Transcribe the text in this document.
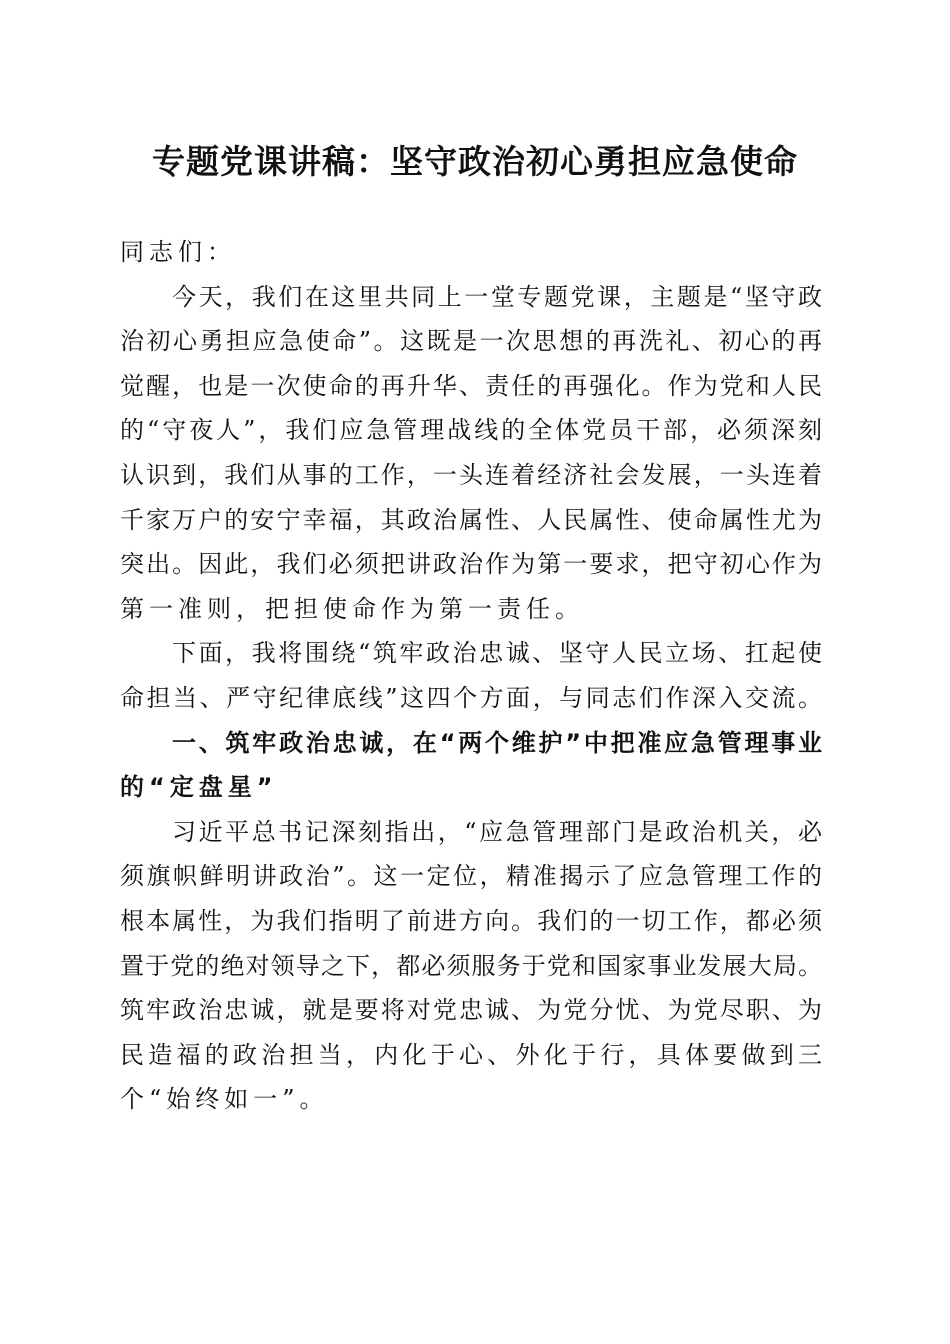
专题党课讲稿：坚守政治初心勇担应急使命
同志们：
今天，我们在这里共同上一堂专题党课，主题是“坚守政
治初心勇担应急使命”。这既是一次思想的再洗礼、初心的再
觉醒，也是一次使命的再升华、责任的再强化。作为党和人民
的“守夜人”，我们应急管理战线的全体党员干部，必须深刻
认识到，我们从事的工作，一头连着经济社会发展，一头连着
千家万户的安宁幸福，其政治属性、人民属性、使命属性尤为
突出。因此，我们必须把讲政治作为第一要求，把守初心作为
第一准则，把担使命作为第一责任。
下面，我将围绕“筑牢政治忠诚、坚守人民立场、扛起使
命担当、严守纪律底线”这四个方面，与同志们作深入交流。
一、筑牢政治忠诚，在“两个维护”中把准应急管理事业
的“定盘星”
习近平总书记深刻指出，“应急管理部门是政治机关，必
须旗帜鲜明讲政治”。这一定位，精准揭示了应急管理工作的
根本属性，为我们指明了前进方向。我们的一切工作，都必须
置于党的绝对领导之下，都必须服务于党和国家事业发展大局。
筑牢政治忠诚，就是要将对党忠诚、为党分忧、为党尽职、为
民造福的政治担当，内化于心、外化于行，具体要做到三
个“始终如一”。
